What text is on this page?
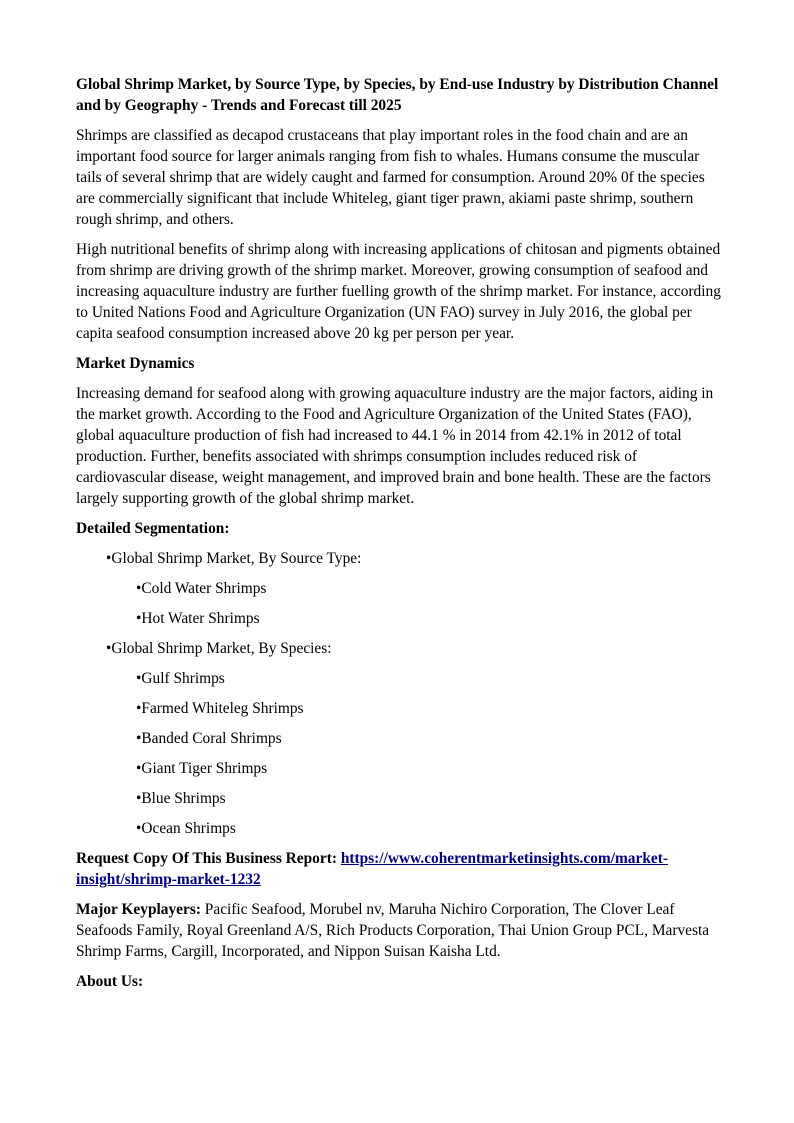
Global Shrimp Market, by Source Type, by Species, by End-use Industry by Distribution Channel and by Geography - Trends and Forecast till 2025

Shrimps are classified as decapod crustaceans that play important roles in the food chain and are an important food source for larger animals ranging from fish to whales. Humans consume the muscular tails of several shrimp that are widely caught and farmed for consumption. Around 20% 0f the species are commercially significant that include Whiteleg, giant tiger prawn, akiami paste shrimp, southern rough shrimp, and others.

High nutritional benefits of shrimp along with increasing applications of chitosan and pigments obtained from shrimp are driving growth of the shrimp market. Moreover, growing consumption of seafood and increasing aquaculture industry are further fuelling growth of the shrimp market. For instance, according to United Nations Food and Agriculture Organization (UN FAO) survey in July 2016, the global per capita seafood consumption increased above 20 kg per person per year.

Market Dynamics

Increasing demand for seafood along with growing aquaculture industry are the major factors, aiding in the market growth. According to the Food and Agriculture Organization of the United States (FAO), global aquaculture production of fish had increased to 44.1 % in 2014 from 42.1% in 2012 of total production. Further, benefits associated with shrimps consumption includes reduced risk of cardiovascular disease, weight management, and improved brain and bone health. These are the factors largely supporting growth of the global shrimp market.

Detailed Segmentation:

•Global Shrimp Market, By Source Type:

•Cold Water Shrimps

•Hot Water Shrimps

•Global Shrimp Market, By Species:

•Gulf Shrimps

•Farmed Whiteleg Shrimps

•Banded Coral Shrimps

•Giant Tiger Shrimps

•Blue Shrimps

•Ocean Shrimps

Request Copy Of This Business Report: https://www.coherentmarketinsights.com/market-
insight/shrimp-market-1232

Major Keyplayers: Pacific Seafood, Morubel nv, Maruha Nichiro Corporation, The Clover Leaf Seafoods Family, Royal Greenland A/S, Rich Products Corporation, Thai Union Group PCL, Marvesta Shrimp Farms, Cargill, Incorporated, and Nippon Suisan Kaisha Ltd.

About Us:
